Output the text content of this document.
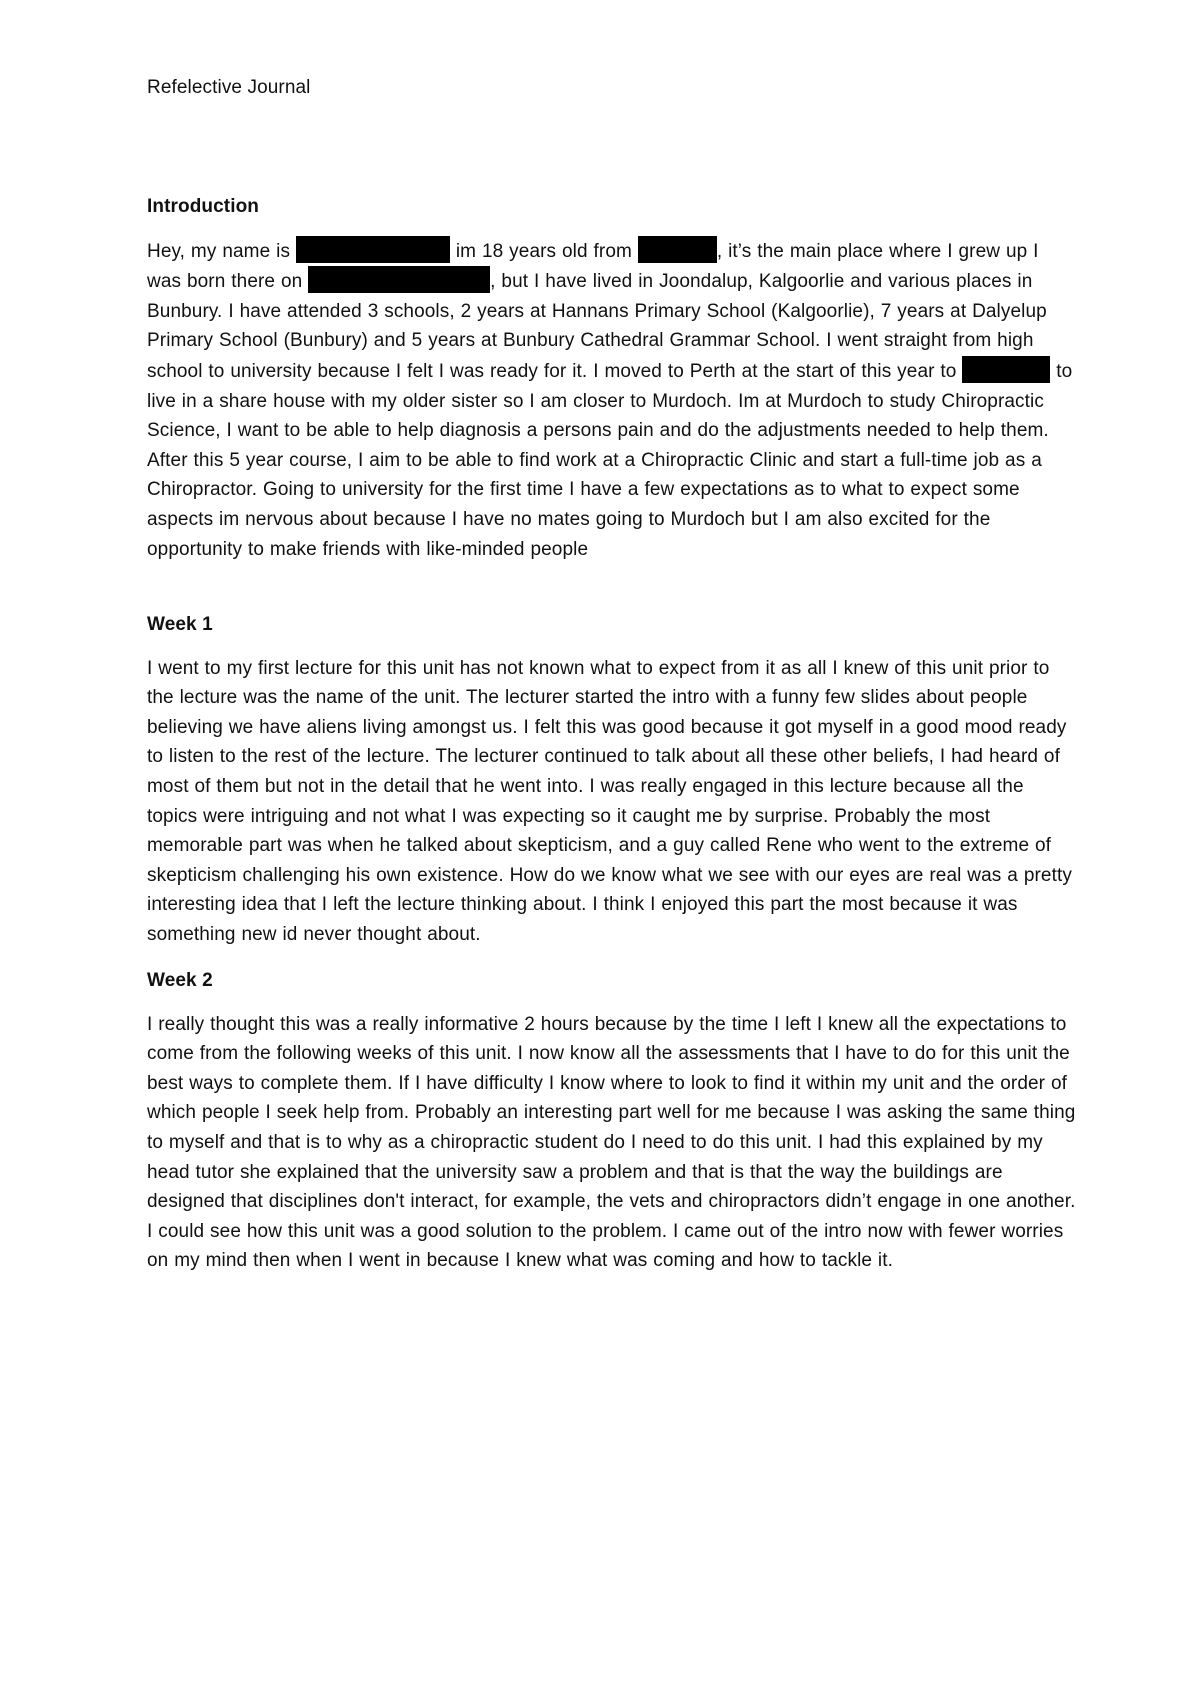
Refelective Journal
Introduction

Hey, my name is	im 18 years old from	, it’s the main place where I grew up I was born there on	, but I have lived in Joondalup, Kalgoorlie and various places in Bunbury. I have attended 3 schools, 2 years at Hannans Primary School (Kalgoorlie), 7 years at Dalyelup Primary School (Bunbury) and 5 years at Bunbury Cathedral Grammar School. I went straight from high school to university because I felt I was ready for it. I moved to Perth at the start of this year to	to live in a share house with my older sister so I am closer to Murdoch. Im at Murdoch to study Chiropractic Science, I want to be able to help diagnosis a persons pain and do the adjustments needed to help them. After this 5 year course, I aim to be able to find work at a Chiropractic Clinic and start a full-time job as a Chiropractor. Going to university for the first time I have a few expectations as to what to expect some aspects im nervous about because I have no mates going to Murdoch but I am also excited for the opportunity to make friends with like-minded people

Week 1

I went to my first lecture for this unit has not known what to expect from it as all I knew of this unit prior to the lecture was the name of the unit. The lecturer started the intro with a funny few slides about people believing we have aliens living amongst us. I felt this was good because it got myself in a good mood ready to listen to the rest of the lecture. The lecturer continued to talk about all these other beliefs, I had heard of most of them but not in the detail that he went into. I was really engaged in this lecture because all the topics were intriguing and not what I was expecting so it caught me by surprise. Probably the most memorable part was when he talked about skepticism, and a guy called Rene who went to the extreme of skepticism challenging his own existence. How do we know what we see with our eyes are real was a pretty interesting idea that I left the lecture thinking about. I think I enjoyed this part the most because it was something new id never thought about.

Week 2

I really thought this was a really informative 2 hours because by the time I left I knew all the expectations to come from the following weeks of this unit. I now know all the assessments that I have to do for this unit the best ways to complete them. If I have difficulty I know where to look to find it within my unit and the order of which people I seek help from. Probably an interesting part well for me because I was asking the same thing to myself and that is to why as a chiropractic student do I need to do this unit. I had this explained by my head tutor she explained that the university saw a problem and that is that the way the buildings are designed that disciplines don't interact, for example, the vets and chiropractors didn’t engage in one another. I could see how this unit was a good solution to the problem. I came out of the intro now with fewer worries on my mind then when I went in because I knew what was coming and how to tackle it.
